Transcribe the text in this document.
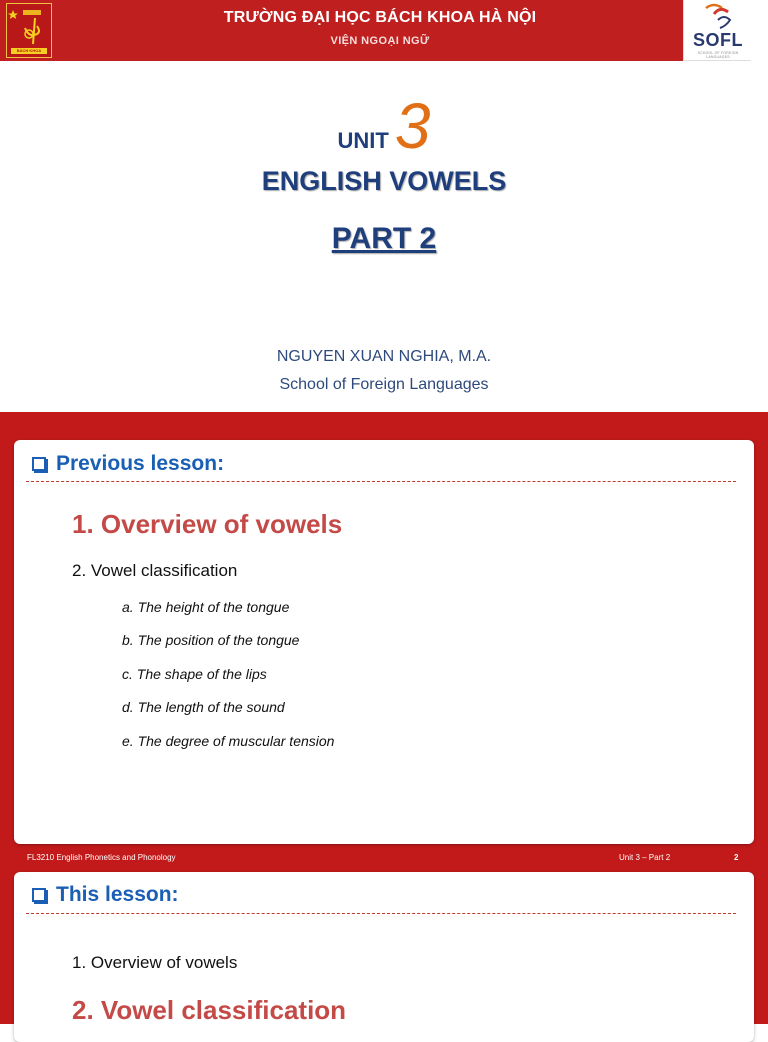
BÁCH KHOA
TRƯỜNG ĐẠI HỌC BÁCH KHOA HÀ NỘI
VIỆN NGOẠI NGỮ	SOFL
SCHOOL OF FOREIGN LANGUAGES
UNIT3
ENGLISH VOWELS
PART 2
NGUYEN XUAN NGHIA, M.A.
School of Foreign Languages
Previous lesson:
1. Overview of vowels
2. Vowel classification
a. The height of the tongue
b. The position of the tongue
c. The shape of the lips
d. The length of the sound
e. The degree of muscular tension
FL3210 English Phonetics and Phonology	Unit 3 – Part 2	2
This lesson:
1. Overview of vowels
2. Vowel classification
